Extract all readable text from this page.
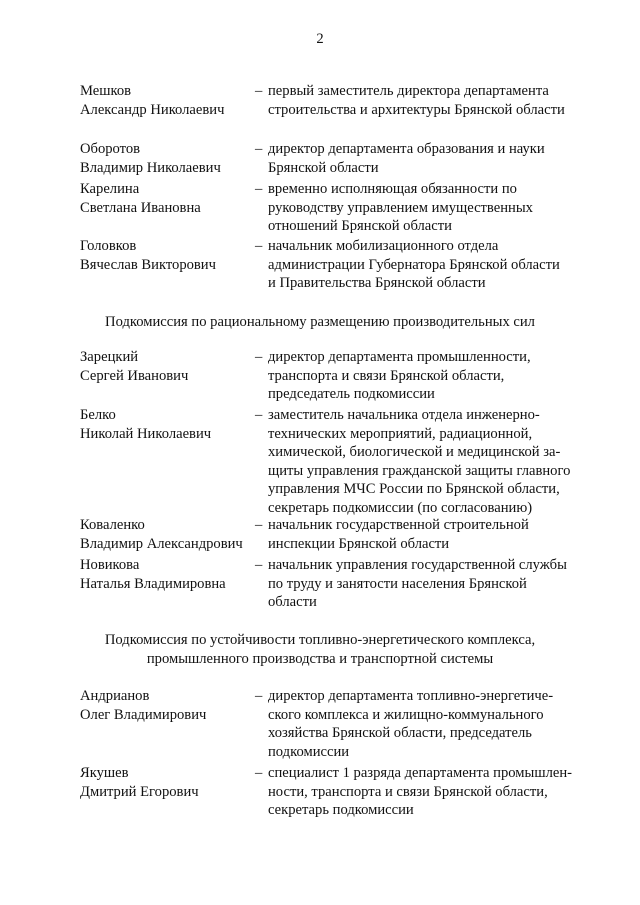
2
Мешков
Александр Николаевич
– первый заместитель директора департамента
строительства и архитектуры Брянской области
Оборотов
Владимир Николаевич
– директор департамента образования и науки
Брянской области
Карелина
Светлана Ивановна
– временно исполняющая обязанности по
руководству управлением имущественных
отношений Брянской области
Головков
Вячеслав Викторович
– начальник мобилизационного отдела
администрации Губернатора Брянской области
и Правительства Брянской области
Подкомиссия по рациональному размещению производительных сил
Зарецкий
Сергей Иванович
– директор департамента промышленности,
транспорта и связи Брянской области,
председатель подкомиссии
Белко
Николай Николаевич
– заместитель начальника отдела инженерно-
технических мероприятий, радиационной,
химической, биологической и медицинской за-
щиты управления гражданской защиты главного
управления МЧС России по Брянской области,
секретарь подкомиссии (по согласованию)
Коваленко
Владимир Александрович
– начальник государственной строительной
инспекции Брянской области
Новикова
Наталья Владимировна
– начальник управления государственной службы
по труду и занятости населения Брянской
области
Подкомиссия по устойчивости топливно-энергетического комплекса,
промышленного производства и транспортной системы
Андрианов
Олег Владимирович
– директор департамента топливно-энергетиче-
ского комплекса и жилищно-коммунального
хозяйства Брянской области, председатель
подкомиссии
Якушев
Дмитрий Егорович
– специалист 1 разряда департамента промышлен-
ности, транспорта и связи Брянской области,
секретарь подкомиссии
